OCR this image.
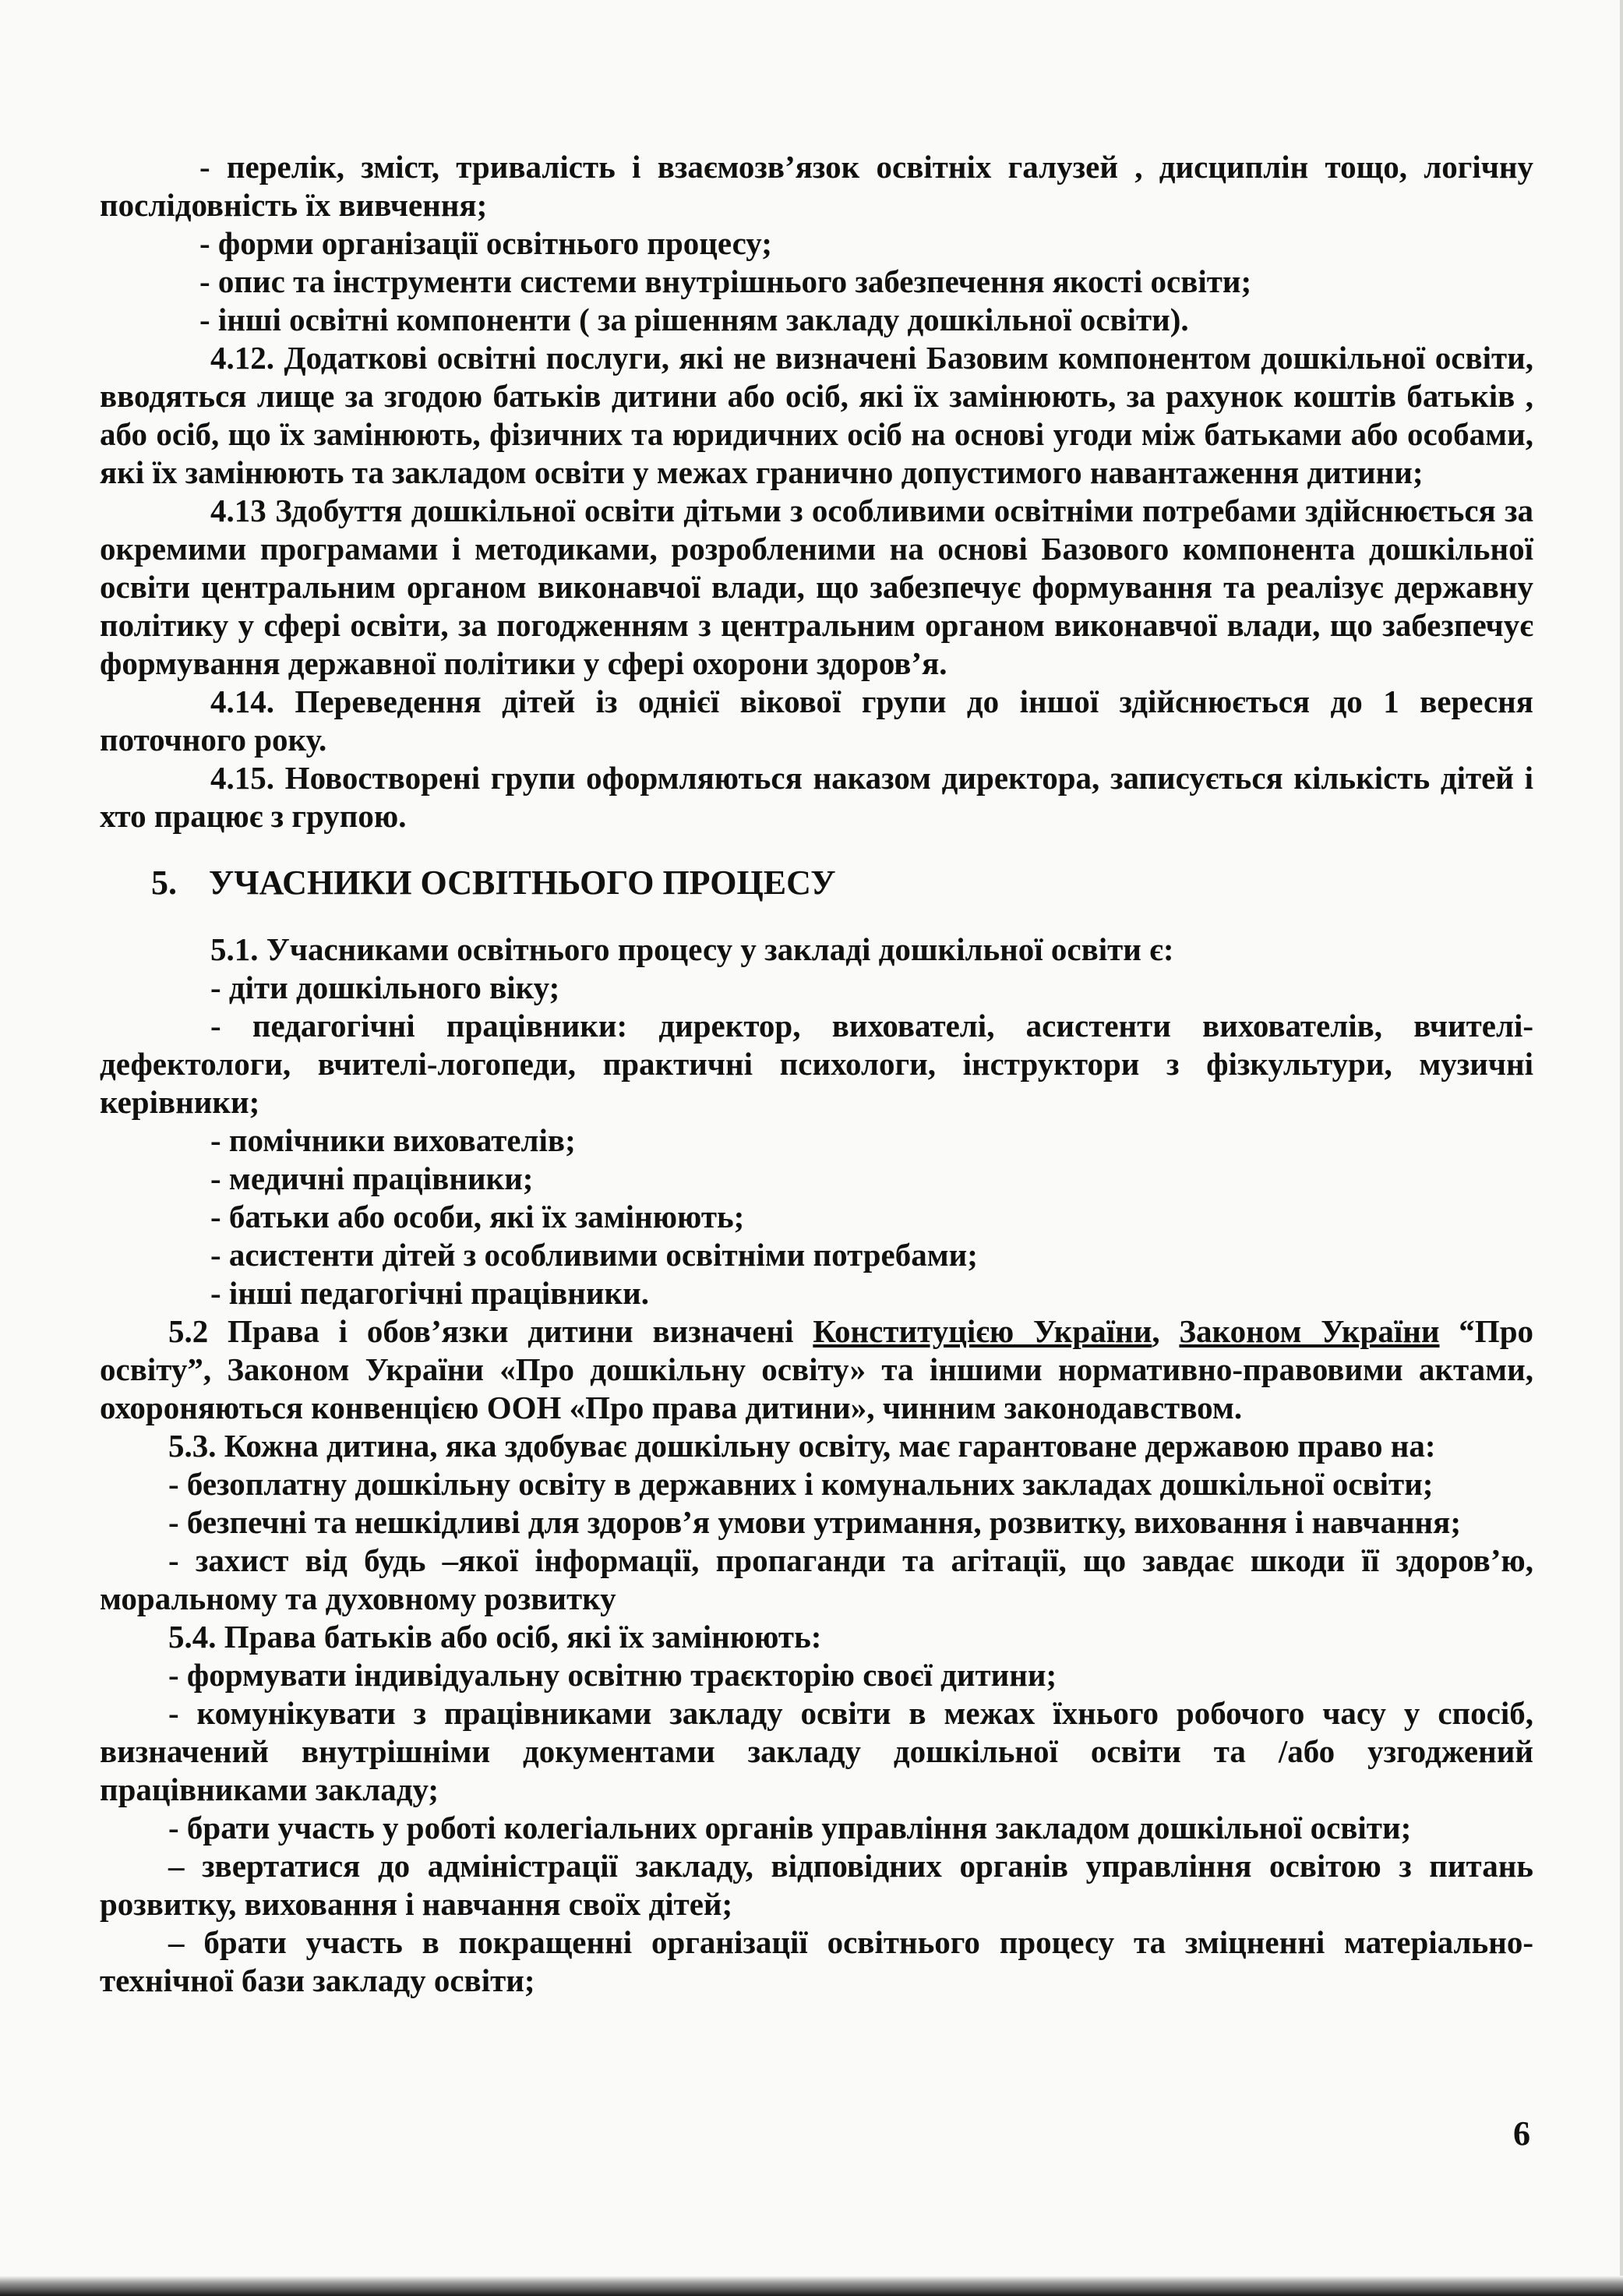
- перелік, зміст, тривалість і взаємозв’язок освітніх галузей , дисциплін тощо, логічну послідовність їх вивчення;

- форми організації освітнього процесу;

- опис та інструменти системи внутрішнього забезпечення якості освіти;

- інші освітні компоненти ( за рішенням закладу дошкільної освіти).

4.12. Додаткові освітні послуги, які не визначені Базовим компонентом дошкільної освіти, вводяться лище за згодою батьків дитини або осіб, які їх замінюють, за рахунок коштів батьків , або осіб, що їх замінюють, фізичних та юридичних осіб на основі угоди між батьками або особами, які їх замінюють та закладом освіти у межах гранично допустимого навантаження дитини;

4.13 Здобуття дошкільної освіти дітьми з особливими освітніми потребами здійснюється за окремими програмами і методиками, розробленими на основі Базового компонента дошкільної освіти центральним органом виконавчої влади, що забезпечує формування та реалізує державну політику у сфері освіти, за погодженням з центральним органом виконавчої влади, що забезпечує формування державної політики у сфері охорони здоров’я.

4.14. Переведення дітей із однієї вікової групи до іншої здійснюється до 1 вересня поточного року.

4.15. Новостворені групи оформляються наказом директора, записується кількість дітей і хто працює з групою.

5. УЧАСНИКИ ОСВІТНЬОГО ПРОЦЕСУ

5.1. Учасниками освітнього процесу у закладі дошкільної освіти є:

- діти дошкільного віку;

- педагогічні працівники: директор, вихователі, асистенти вихователів, вчителі-дефектологи, вчителі-логопеди, практичні психологи, інструктори з фізкультури, музичні керівники;

- помічники вихователів;

- медичні працівники;

- батьки або особи, які їх замінюють;

- асистенти дітей з особливими освітніми потребами;

- інші педагогічні працівники.

5.2 Права і обов’язки дитини визначені Конституцією України, Законом України “Про освіту”, Законом України «Про дошкільну освіту» та іншими нормативно-правовими актами, охороняються конвенцією ООН «Про права дитини», чинним законодавством.

5.3. Кожна дитина, яка здобуває дошкільну освіту, має гарантоване державою право на:

- безоплатну дошкільну освіту в державних і комунальних закладах дошкільної освіти;

- безпечні та нешкідливі для здоров’я умови утримання, розвитку, виховання і навчання;

- захист від будь –якої інформації, пропаганди та агітації, що завдає шкоди її здоров’ю, моральному та духовному розвитку

5.4. Права батьків або осіб, які їх замінюють:

- формувати індивідуальну освітню траєкторію своєї дитини;

- комунікувати з працівниками закладу освіти в межах їхнього робочого часу у спосіб, визначений внутрішніми документами закладу дошкільної освіти та /або узгоджений працівниками закладу;

- брати участь у роботі колегіальних органів управління закладом дошкільної освіти;

– звертатися до адміністрації закладу, відповідних органів управління освітою з питань розвитку, виховання і навчання своїх дітей;

– брати участь в покращенні організації освітнього процесу та зміцненні матеріально-технічної бази закладу освіти;

6
